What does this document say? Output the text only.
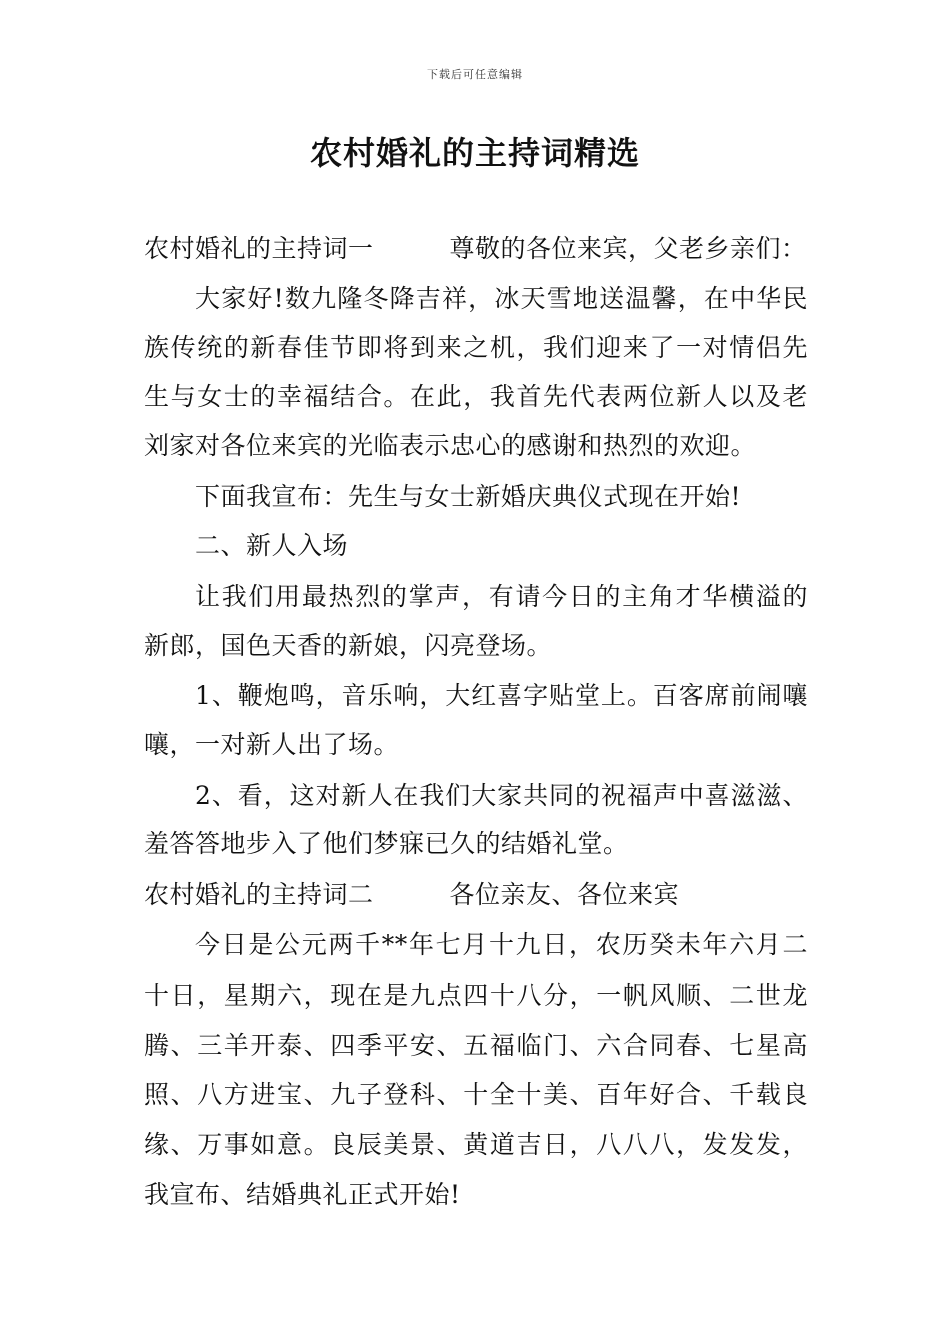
下载后可任意编辑
农村婚礼的主持词精选
农村婚礼的主持词一	尊敬的各位来宾，父老乡亲们：
大家好!数九隆冬降吉祥，冰天雪地送温馨，在中华民
族传统的新春佳节即将到来之机，我们迎来了一对情侣先
生与女士的幸福结合。在此，我首先代表两位新人以及老
刘家对各位来宾的光临表示忠心的感谢和热烈的欢迎。
下面我宣布：先生与女士新婚庆典仪式现在开始!
二、新人入场
让我们用最热烈的掌声，有请今日的主角才华横溢的
新郎，国色天香的新娘，闪亮登场。
1、鞭炮鸣，音乐响，大红喜字贴堂上。百客席前闹嚷
嚷，一对新人出了场。
2、看，这对新人在我们大家共同的祝福声中喜滋滋、
羞答答地步入了他们梦寐已久的结婚礼堂。
农村婚礼的主持词二	各位亲友、各位来宾
今日是公元两千**年七月十九日，农历癸未年六月二
十日，星期六，现在是九点四十八分，一帆风顺、二世龙
腾、三羊开泰、四季平安、五福临门、六合同春、七星高
照、八方进宝、九子登科、十全十美、百年好合、千载良
缘、万事如意。良辰美景、黄道吉日，八八八，发发发，
我宣布、结婚典礼正式开始!
